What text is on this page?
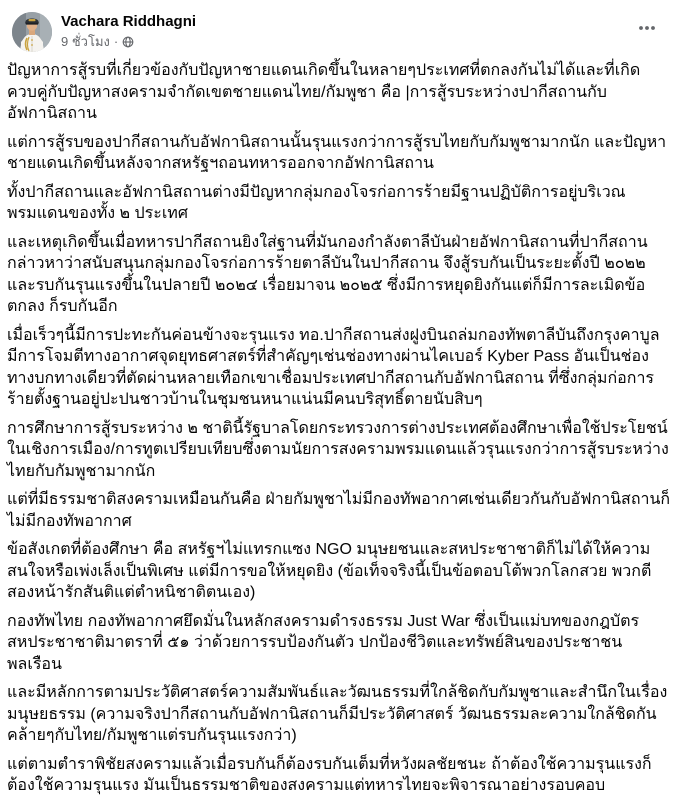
Vachara Riddhagni
9 ชั่วโมง ·

ปัญหาการสู้รบที่เกี่ยวข้องกับปัญหาชายแดนเกิดขึ้นในหลายๆประเทศที่ตกลงกันไม่ได้และที่เกิดควบคู่กับปัญหาสงครามจำกัดเขตชายแดนไทย/กัมพูชา คือ |การสู้รบระหว่างปากีสถานกับอัฟกานิสถาน

แต่การสู้รบของปากีสถานกับอัฟกานิสถานนั้นรุนแรงกว่าการสู้รบไทยกับกัมพูชามากนัก และปัญหาชายแดนเกิดขึ้นหลังจากสหรัฐฯถอนทหารออกจากอัฟกานิสถาน

ทั้งปากีสถานและอัฟกานิสถานต่างมีปัญหากลุ่มกองโจรก่อการร้ายมีฐานปฏิบัติการอยู่บริเวณพรมแดนของทั้ง ๒ ประเทศ

และเหตุเกิดขึ้นเมื่อทหารปากีสถานยิงใส่ฐานที่มันกองกำลังตาลีบันฝ่ายอัฟกานิสถานที่ปากีสถานกล่าวหาว่าสนับสนุนกลุ่มกองโจรก่อการร้ายตาลีบันในปากีสถาน จึงสู้รบกันเป็นระยะตั้งปี ๒๐๒๒ และรบกันรุนแรงขึ้นในปลายปี ๒๐๒๔ เรื่อยมาจน ๒๐๒๕ ซึ่งมีการหยุดยิงกันแต่ก็มีการละเมิดข้อตกลง ก็รบกันอีก

เมื่อเร็วๆนี้มีการปะทะกันค่อนข้างจะรุนแรง ทอ.ปากีสถานส่งฝูงบินถล่มกองทัพตาลีบันถึงกรุงคาบูล มีการโจมตีทางอากาศจุดยุทธศาสตร์ที่สำคัญๆเช่นช่องทางผ่านไคเบอร์ Kyber Pass อันเป็นช่องทางบกทางเดียวที่ตัดผ่านหลายเทือกเขาเชื่อมประเทศปากีสถานกับอัฟกานิสถาน ที่ซึ่งกลุ่มก่อการร้ายตั้งฐานอยู่ปะปนชาวบ้านในชุมชนหนาแน่นมีคนบริสุทธิ์ตายนับสิบๆ

การศึกษาการสู้รบระหว่าง ๒ ชาตินี้รัฐบาลโดยกระทรวงการต่างประเทศต้องศึกษาเพื่อใช้ประโยชน์ในเชิงการเมือง/การทูตเปรียบเทียบซึ่งตามนัยการสงครามพรมแดนแล้วรุนแรงกว่าการสู้รบระหว่างไทยกับกัมพูชามากนัก

แต่ที่มีธรรมชาติสงครามเหมือนกันคือ ฝ่ายกัมพูชาไม่มีกองทัพอากาศเช่นเดียวกันกับอัฟกานิสถานก็ไม่มีกองทัพอากาศ

ข้อสังเกตที่ต้องศึกษา คือ สหรัฐฯไม่แทรกแซง NGO มนุษยชนและสหประชาชาติก็ไม่ได้ให้ความสนใจหรือเพ่งเล็งเป็นพิเศษ แต่มีการขอให้หยุดยิง (ข้อเท็จจริงนี้เป็นข้อตอบโต้พวกโลกสวย พวกตีสองหน้ารักสันติแต่ตำหนิชาติตนเอง)

กองทัพไทย กองทัพอากาศยึดมั่นในหลักสงครามดำรงธรรม Just War ซึ่งเป็นแม่บทของกฎบัตรสหประชาชาติมาตราที่ ๕๑ ว่าด้วยการรบป้องกันตัว ปกป้องชีวิตและทรัพย์สินของประชาชนพลเรือน

และมีหลักการตามประวัติศาสตร์ความสัมพันธ์และวัฒนธรรมที่ใกล้ชิดกับกัมพูชาและสำนึกในเรื่องมนุษยธรรม (ความจริงปากีสถานกับอัฟกานิสถานก็มีประวัติศาสตร์ วัฒนธรรมละความใกล้ชิดกันคล้ายๆกับไทย/กัมพูชาแต่รบกันรุนแรงกว่า)

แต่ตามตำราพิชัยสงครามแล้วเมื่อรบกันก็ต้องรบกันเต็มที่หวังผลชัยชนะ ถ้าต้องใช้ความรุนแรงก็ต้องใช้ความรุนแรง มันเป็นธรรมชาติของสงครามแต่ทหารไทยจะพิจารณาอย่างรอบคอบ
